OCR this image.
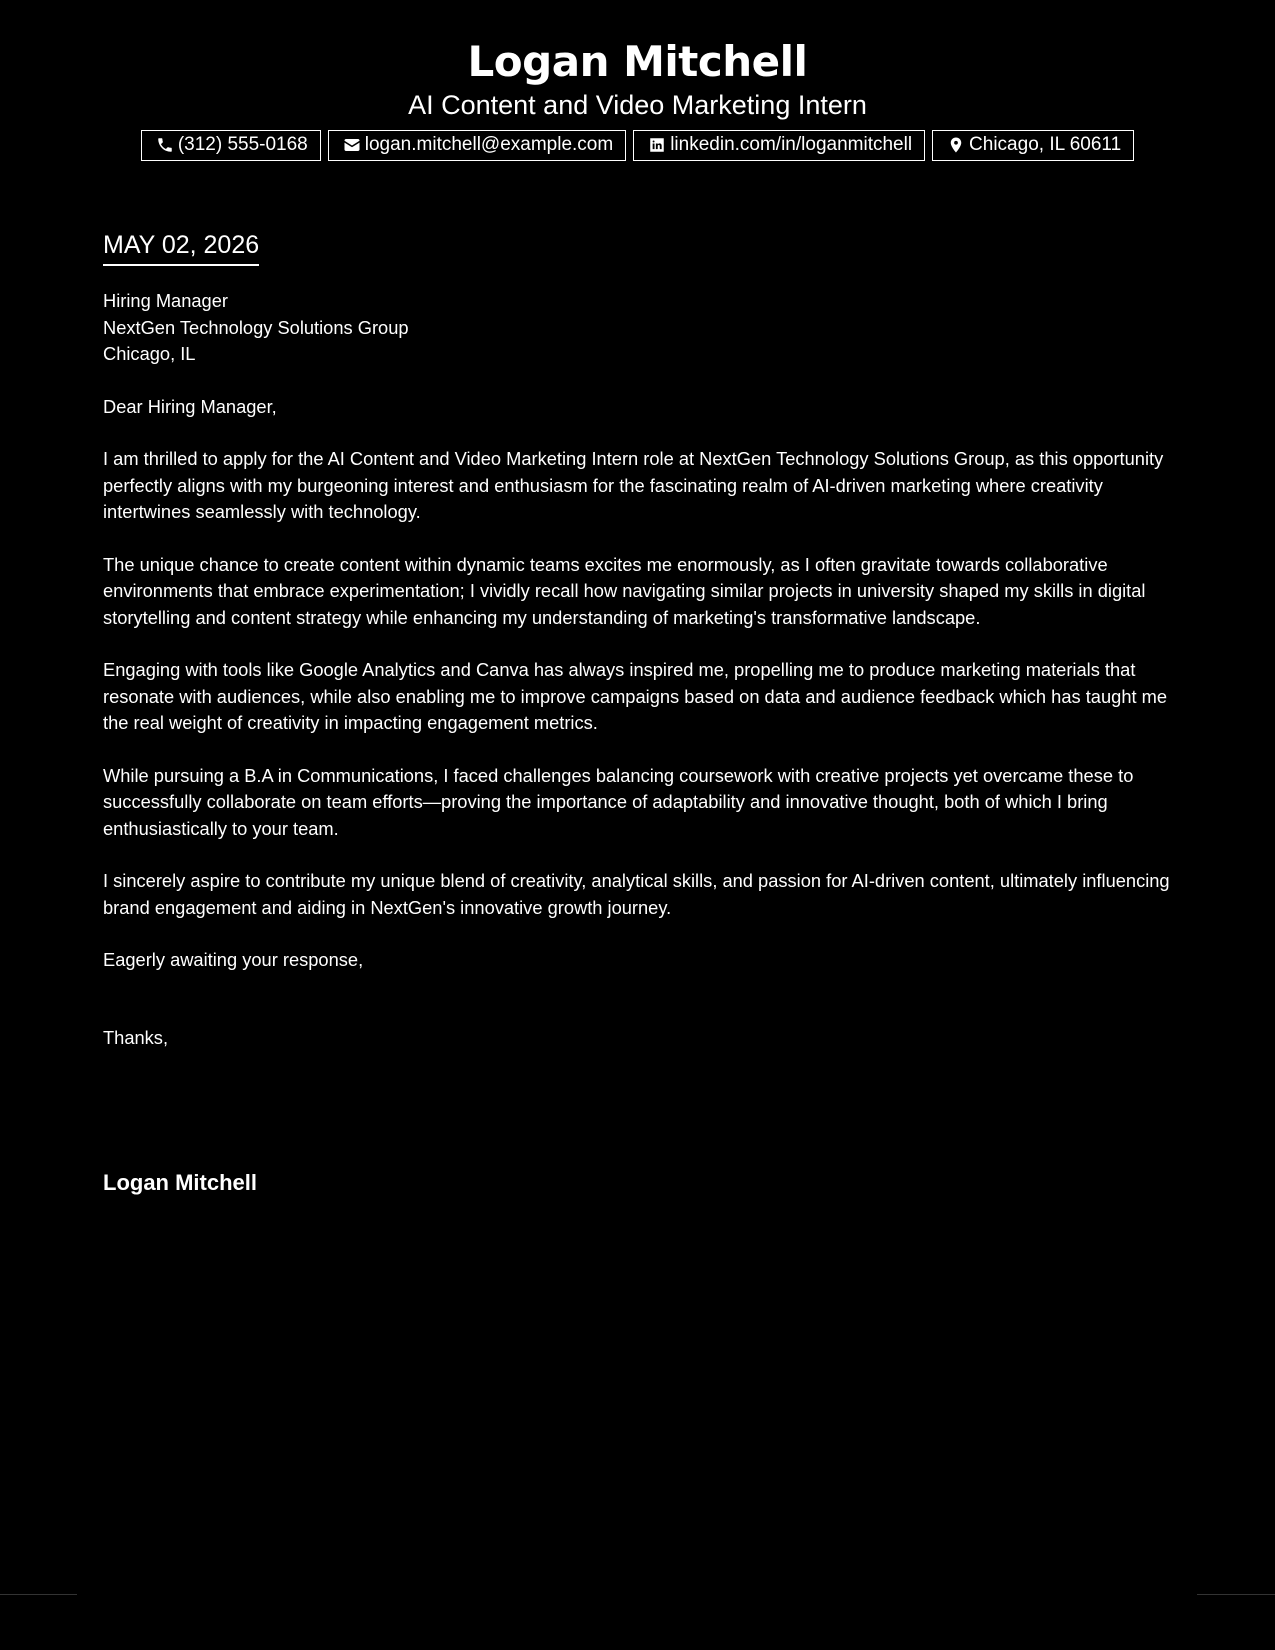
Logan Mitchell

AI Content and Video Marketing Intern

(312) 555-0168	logan.mitchell@example.com	linkedin.com/in/loganmitchell	Chicago, IL 60611
MAY 02, 2026

Hiring Manager

NextGen Technology Solutions Group

Chicago, IL

Dear Hiring Manager,

I am thrilled to apply for the AI Content and Video Marketing Intern role at NextGen Technology Solutions Group, as this opportunity perfectly aligns with my burgeoning interest and enthusiasm for the fascinating realm of AI-driven marketing where creativity intertwines seamlessly with technology.

The unique chance to create content within dynamic teams excites me enormously, as I often gravitate towards collaborative environments that embrace experimentation; I vividly recall how navigating similar projects in university shaped my skills in digital storytelling and content strategy while enhancing my understanding of marketing's transformative landscape.

Engaging with tools like Google Analytics and Canva has always inspired me, propelling me to produce marketing materials that resonate with audiences, while also enabling me to improve campaigns based on data and audience feedback which has taught me the real weight of creativity in impacting engagement metrics.

While pursuing a B.A in Communications, I faced challenges balancing coursework with creative projects yet overcame these to successfully collaborate on team efforts—proving the importance of adaptability and innovative thought, both of which I bring enthusiastically to your team.

I sincerely aspire to contribute my unique blend of creativity, analytical skills, and passion for AI-driven content, ultimately influencing brand engagement and aiding in NextGen's innovative growth journey.

Eagerly awaiting your response,

Thanks,

Logan Mitchell
